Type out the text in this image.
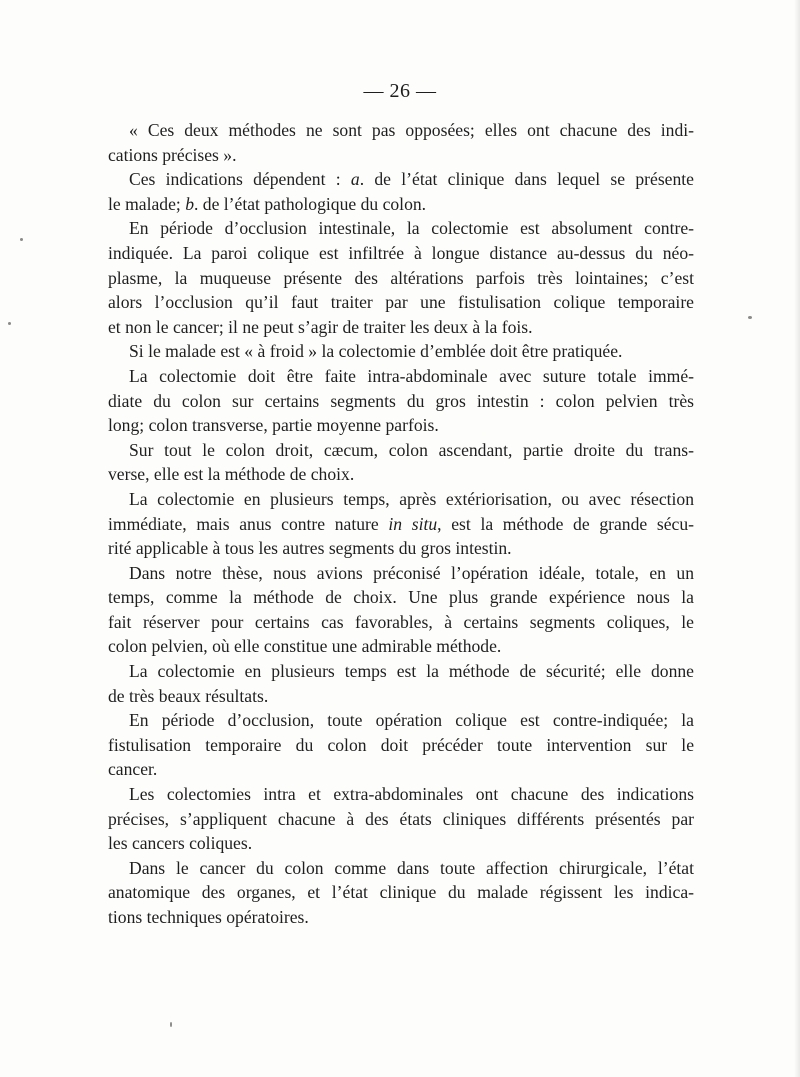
— 26 —

« Ces deux méthodes ne sont pas opposées; elles ont chacune des indi-
cations précises ».

Ces indications dépendent : a. de l’état clinique dans lequel se présente
le malade; b. de l’état pathologique du colon.

En période d’occlusion intestinale, la colectomie est absolument contre-
indiquée. La paroi colique est infiltrée à longue distance au-dessus du néo-
plasme, la muqueuse présente des altérations parfois très lointaines; c’est
alors l’occlusion qu’il faut traiter par une fistulisation colique temporaire
et non le cancer; il ne peut s’agir de traiter les deux à la fois.

Si le malade est « à froid » la colectomie d’emblée doit être pratiquée.

La colectomie doit être faite intra-abdominale avec suture totale immé-
diate du colon sur certains segments du gros intestin : colon pelvien très
long; colon transverse, partie moyenne parfois.

Sur tout le colon droit, cæcum, colon ascendant, partie droite du trans-
verse, elle est la méthode de choix.

La colectomie en plusieurs temps, après extériorisation, ou avec résection
immédiate, mais anus contre nature in situ, est la méthode de grande sécu-
rité applicable à tous les autres segments du gros intestin.

Dans notre thèse, nous avions préconisé l’opération idéale, totale, en un
temps, comme la méthode de choix. Une plus grande expérience nous la
fait réserver pour certains cas favorables, à certains segments coliques, le
colon pelvien, où elle constitue une admirable méthode.

La colectomie en plusieurs temps est la méthode de sécurité; elle donne
de très beaux résultats.

En période d’occlusion, toute opération colique est contre-indiquée; la
fistulisation temporaire du colon doit précéder toute intervention sur le
cancer.

Les colectomies intra et extra-abdominales ont chacune des indications
précises, s’appliquent chacune à des états cliniques différents présentés par
les cancers coliques.

Dans le cancer du colon comme dans toute affection chirurgicale, l’état
anatomique des organes, et l’état clinique du malade régissent les indica-
tions techniques opératoires.
